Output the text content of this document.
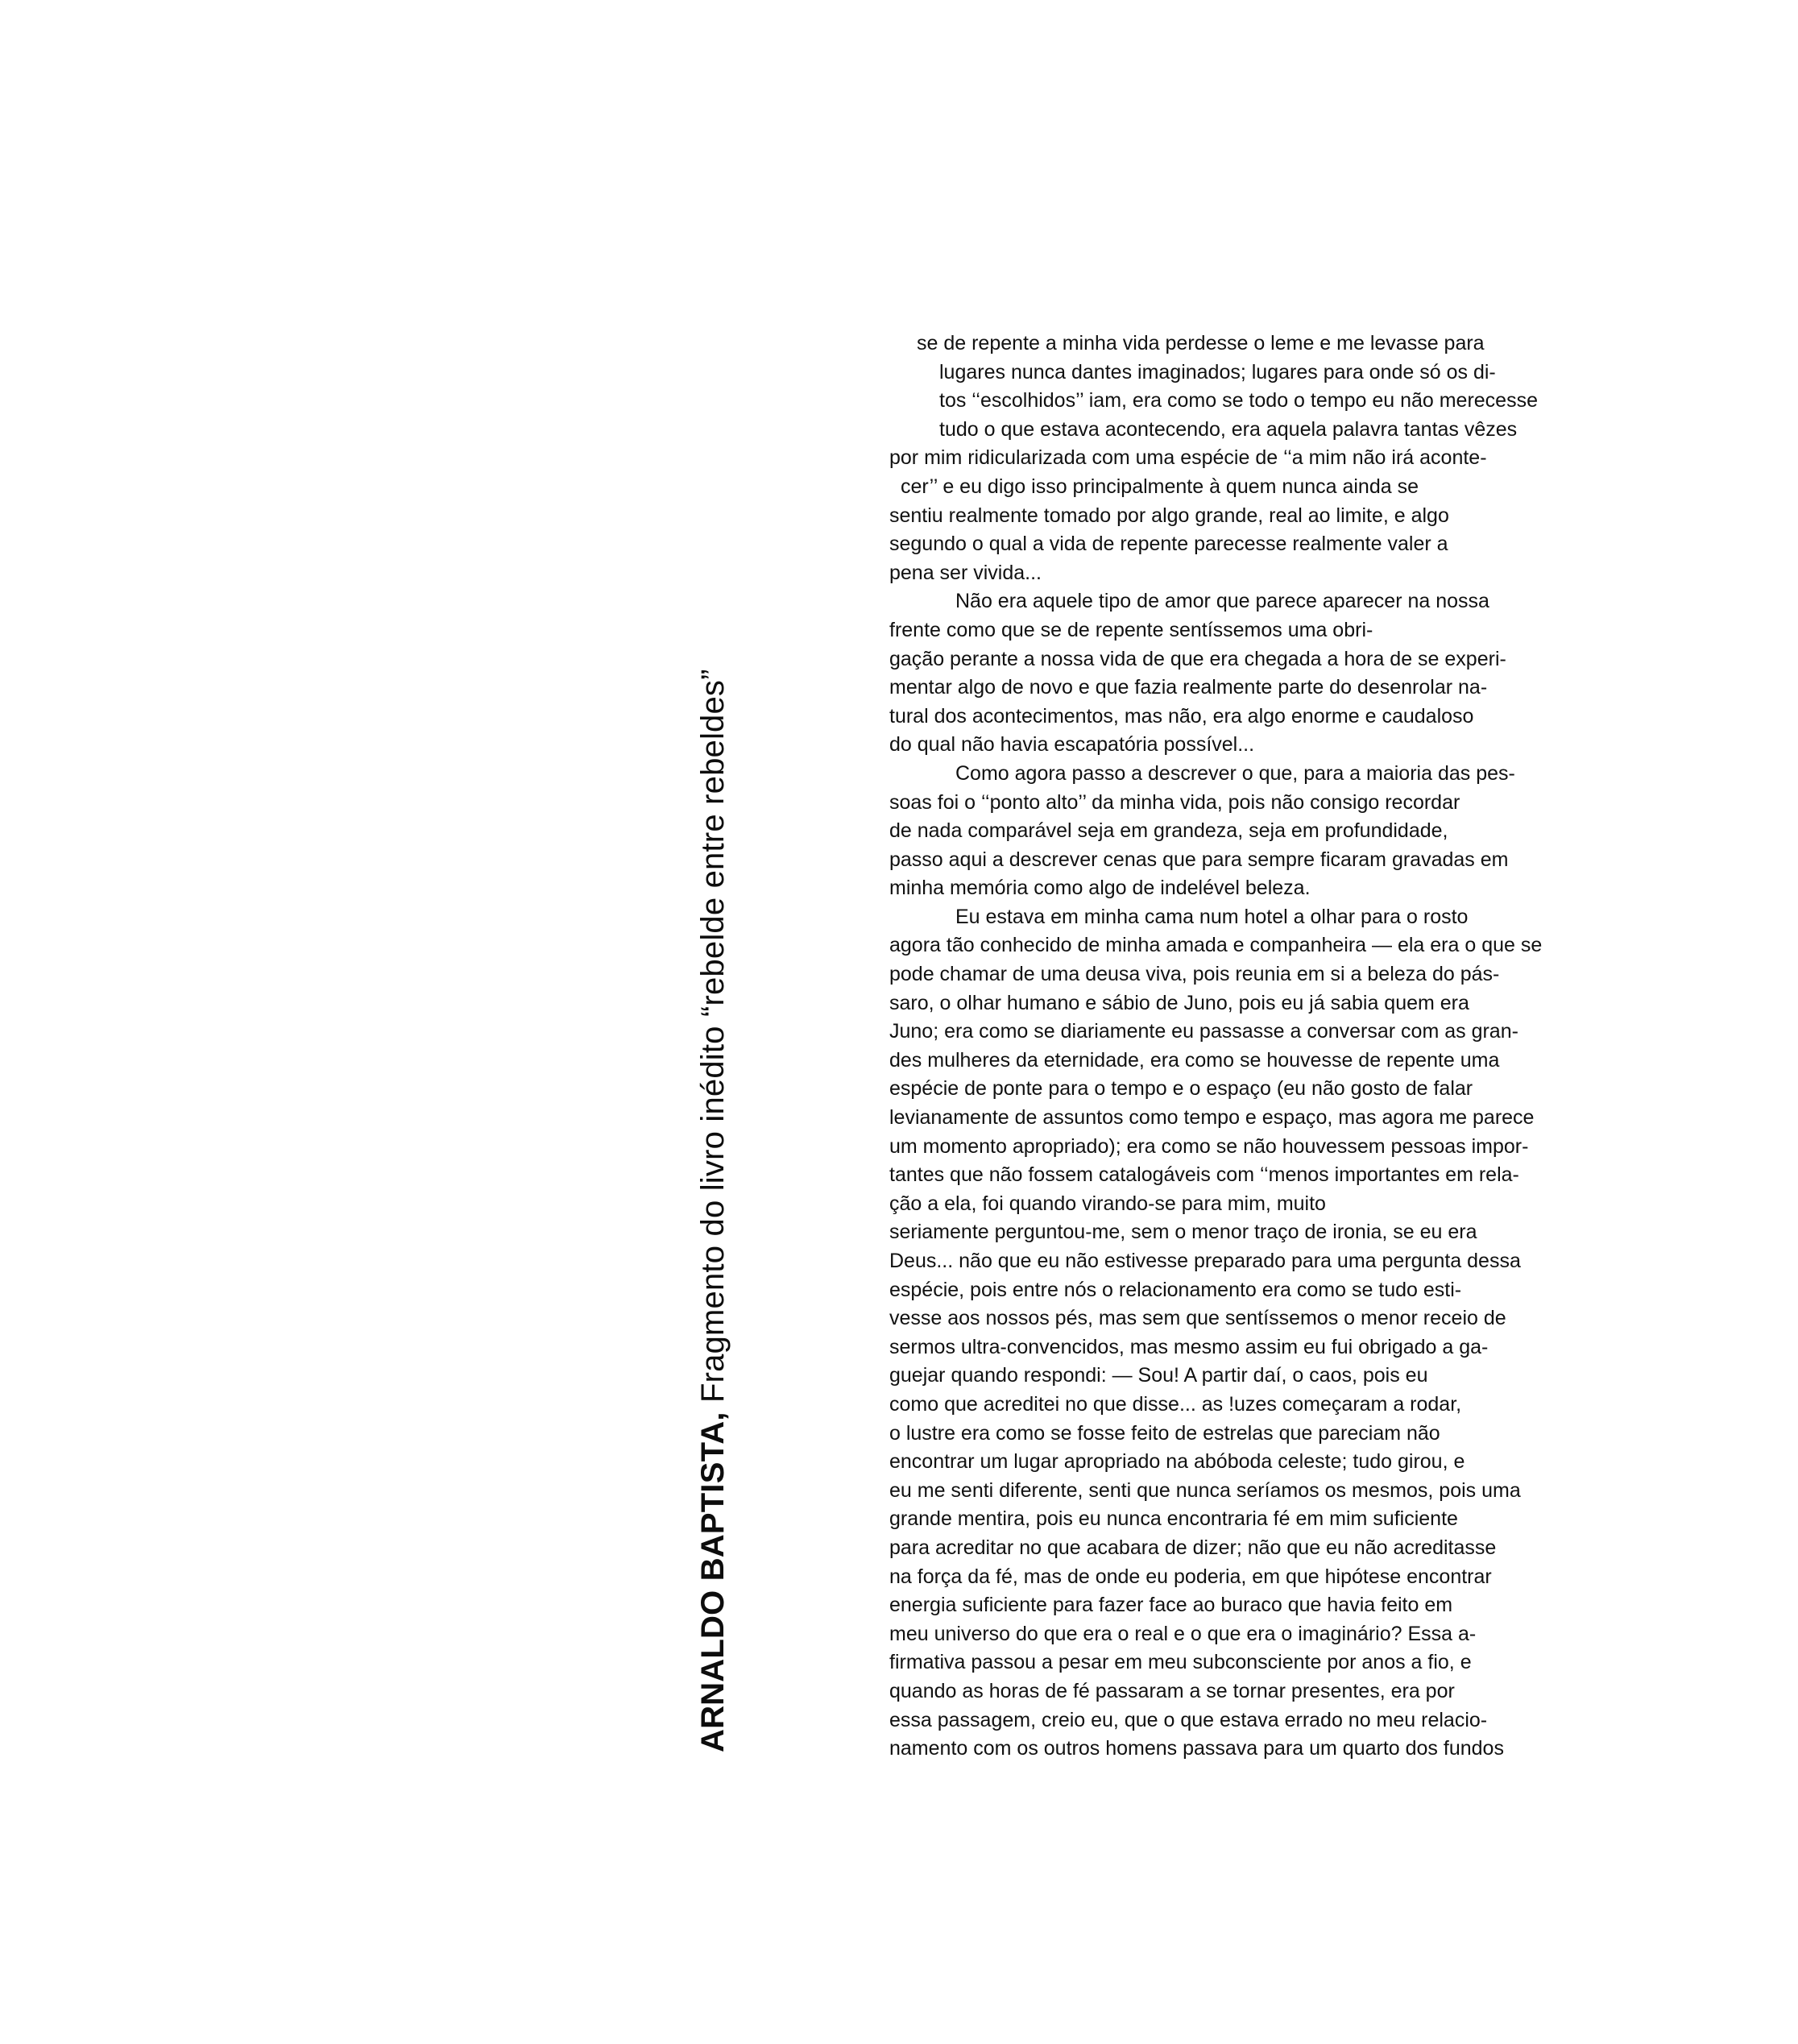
ARNALDO BAPTISTA, Fragmento do livro inédito “rebelde entre rebeldes”
se de repente a minha vida perdesse o leme e me levasse para
lugares nunca dantes imaginados; lugares para onde só os di-
tos ‘‘escolhidos’’ iam, era como se todo o tempo eu não merecesse
tudo o que estava acontecendo, era aquela palavra tantas vêzes
por mim ridicularizada com uma espécie de ‘‘a mim não irá aconte-
cer’’ e eu digo isso principalmente à quem nunca ainda se
sentiu realmente tomado por algo grande, real ao limite, e algo
segundo o qual a vida de repente parecesse realmente valer a
pena ser vivida...
Não era aquele tipo de amor que parece aparecer na nossa
frente como que se de repente sentíssemos uma obri-
gação perante a nossa vida de que era chegada a hora de se experi-
mentar algo de novo e que fazia realmente parte do desenrolar na-
tural dos acontecimentos, mas não, era algo enorme e caudaloso
do qual não havia escapatória possível...
Como agora passo a descrever o que, para a maioria das pes-
soas foi o ‘‘ponto alto’’ da minha vida, pois não consigo recordar
de nada comparável seja em grandeza, seja em profundidade,
passo aqui a descrever cenas que para sempre ficaram gravadas em
minha memória como algo de indelével beleza.
Eu estava em minha cama num hotel a olhar para o rosto
agora tão conhecido de minha amada e companheira — ela era o que se
pode chamar de uma deusa viva, pois reunia em si a beleza do pás-
saro, o olhar humano e sábio de Juno, pois eu já sabia quem era
Juno; era como se diariamente eu passasse a conversar com as gran-
des mulheres da eternidade, era como se houvesse de repente uma
espécie de ponte para o tempo e o espaço (eu não gosto de falar
levianamente de assuntos como tempo e espaço, mas agora me parece
um momento apropriado); era como se não houvessem pessoas impor-
tantes que não fossem catalogáveis com ‘‘menos importantes em rela-
ção a ela, foi quando virando-se para mim, muito
seriamente perguntou-me, sem o menor traço de ironia, se eu era
Deus... não que eu não estivesse preparado para uma pergunta dessa
espécie, pois entre nós o relacionamento era como se tudo esti-
vesse aos nossos pés, mas sem que sentíssemos o menor receio de
sermos ultra-convencidos, mas mesmo assim eu fui obrigado a ga-
guejar quando respondi: — Sou! A partir daí, o caos, pois eu
como que acreditei no que disse... as !uzes começaram a rodar,
o lustre era como se fosse feito de estrelas que pareciam não
encontrar um lugar apropriado na abóboda celeste; tudo girou, e
eu me senti diferente, senti que nunca seríamos os mesmos, pois uma
grande mentira, pois eu nunca encontraria fé em mim suficiente
para acreditar no que acabara de dizer; não que eu não acreditasse
na força da fé, mas de onde eu poderia, em que hipótese encontrar
energia suficiente para fazer face ao buraco que havia feito em
meu universo do que era o real e o que era o imaginário? Essa a-
firmativa passou a pesar em meu subconsciente por anos a fio, e
quando as horas de fé passaram a se tornar presentes, era por
essa passagem, creio eu, que o que estava errado no meu relacio-
namento com os outros homens passava para um quarto dos fundos
